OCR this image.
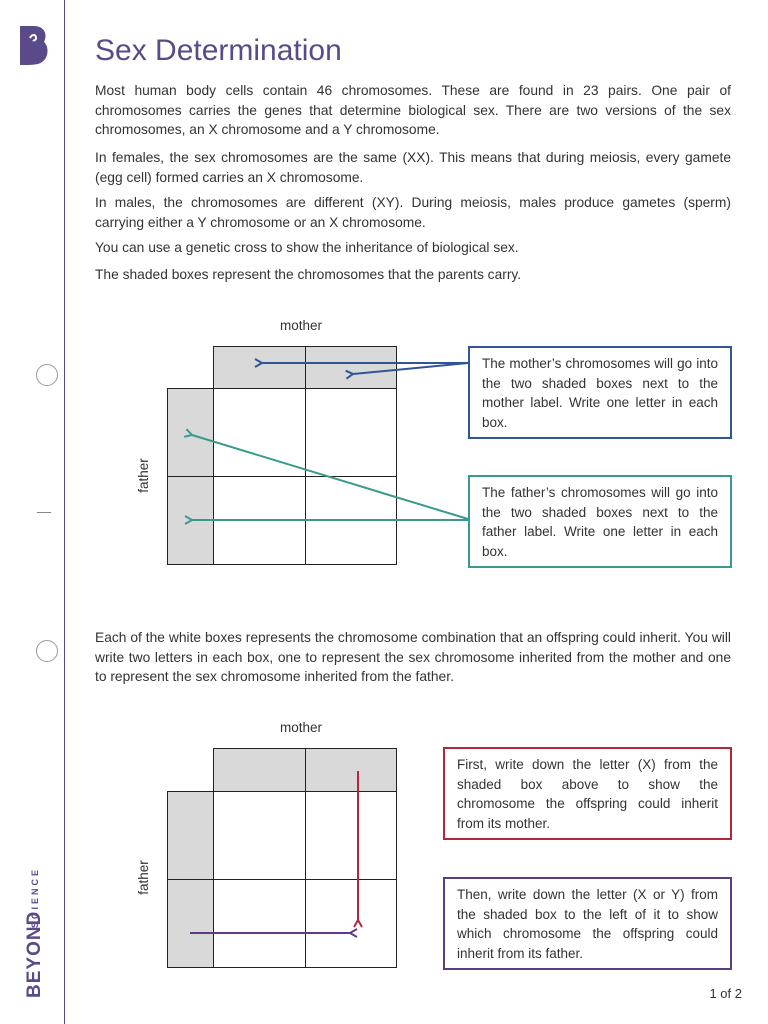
BEYOND
SCIENCE
Sex Determination

Most human body cells contain 46 chromosomes. These are found in 23 pairs. One pair of chromosomes carries the genes that determine biological sex. There are two versions of the sex chromosomes, an X chromosome and a Y chromosome.

In females, the sex chromosomes are the same (XX). This means that during meiosis, every gamete (egg cell) formed carries an X chromosome.

In males, the chromosomes are different (XY). During meiosis, males produce gametes (sperm) carrying either a Y chromosome or an X chromosome.

You can use a genetic cross to show the inheritance of biological sex.

The shaded boxes represent the chromosomes that the parents carry.

mother
father
The mother’s chromosomes will go into the two shaded boxes next to the mother label. Write one letter in each box.
The father’s chromosomes will go into the two shaded boxes next to the father label. Write one letter in each box.

Each of the white boxes represents the chromosome combination that an offspring could inherit. You will write two letters in each box, one to represent the sex chromosome inherited from the mother and one to represent the sex chromosome inherited from the father.

mother
father
First, write down the letter (X) from the shaded box above to show the chromosome the offspring could inherit from its mother.
Then, write down the letter (X or Y) from the shaded box to the left of it to show which chromosome the offspring could inherit from its father.
1 of 2
